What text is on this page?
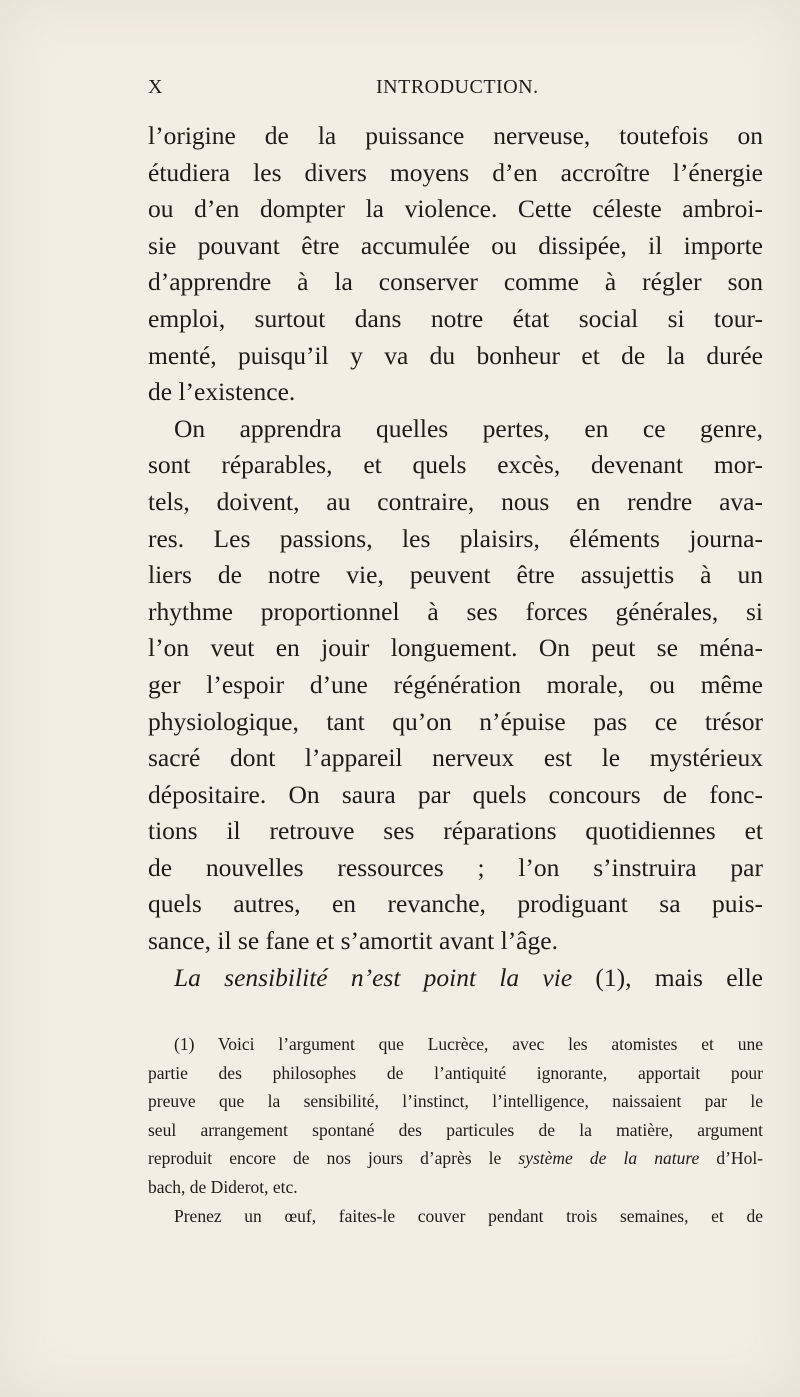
X	INTRODUCTION.
l’origine de la puissance nerveuse, toutefois on
étudiera les divers moyens d’en accroître l’énergie
ou d’en dompter la violence. Cette céleste ambroi-
sie pouvant être accumulée ou dissipée, il importe
d’apprendre à la conserver comme à régler son
emploi, surtout dans notre état social si tour-
menté, puisqu’il y va du bonheur et de la durée
de l’existence.
On apprendra quelles pertes, en ce genre,
sont réparables, et quels excès, devenant mor-
tels, doivent, au contraire, nous en rendre ava-
res. Les passions, les plaisirs, éléments journa-
liers de notre vie, peuvent être assujettis à un
rhythme proportionnel à ses forces générales, si
l’on veut en jouir longuement. On peut se ména-
ger l’espoir d’une régénération morale, ou même
physiologique, tant qu’on n’épuise pas ce trésor
sacré dont l’appareil nerveux est le mystérieux
dépositaire. On saura par quels concours de fonc-
tions il retrouve ses réparations quotidiennes et
de nouvelles ressources ; l’on s’instruira par
quels autres, en revanche, prodiguant sa puis-
sance, il se fane et s’amortit avant l’âge.
La sensibilité n’est point la vie (1), mais elle
(1) Voici l’argument que Lucrèce, avec les atomistes et une
partie des philosophes de l’antiquité ignorante, apportait pour
preuve que la sensibilité, l’instinct, l’intelligence, naissaient par le
seul arrangement spontané des particules de la matière, argument
reproduit encore de nos jours d’après le système de la nature d’Hol-
bach, de Diderot, etc.
Prenez un œuf, faites-le couver pendant trois semaines, et de
